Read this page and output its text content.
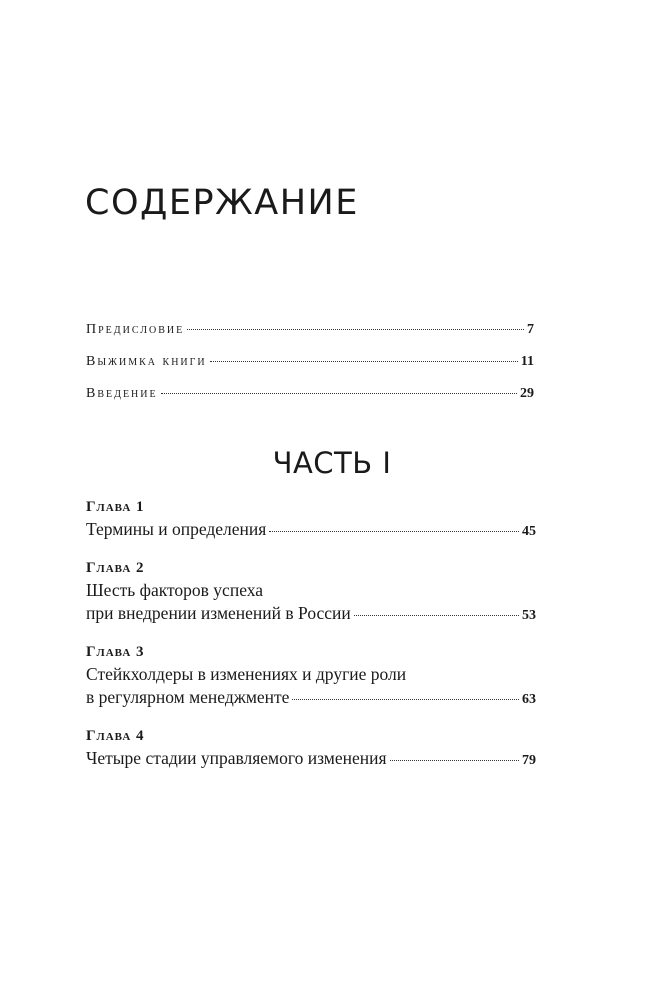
СОДЕРЖАНИЕ
Предисловие	7
Выжимка книги	11
Введение	29
ЧАСТЬ I
Глава 1
Термины и определения	45
Глава 2
Шесть факторов успеха
при внедрении изменений в России	53
Глава 3
Стейкхолдеры в изменениях и другие роли
в регулярном менеджменте	63
Глава 4
Четыре стадии управляемого изменения	79
